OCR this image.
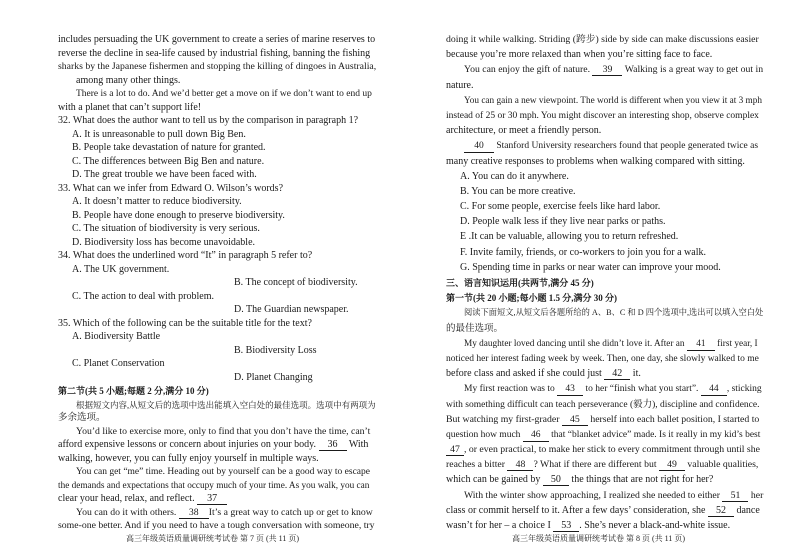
includes persuading the UK government to create a series of marine reserves to
reverse the decline in sea-life caused by industrial fishing, banning the fishing
sharks by the Japanese fishermen and stopping the killing of dingoes in Australia,
among many other things.
There is a lot to do. And we’d better get a move on if we don’t want to end up
with a planet that can’t support life!
32. What does the author want to tell us by the comparison in paragraph 1?
A. It is unreasonable to pull down Big Ben.
B. People take devastation of nature for granted.
C. The differences between Big Ben and nature.
D. The great trouble we have been faced with.
33. What can we infer from Edward O. Wilson’s words?
A. It doesn’t matter to reduce biodiversity.
B. People have done enough to preserve biodiversity.
C. The situation of biodiversity is very serious.
D. Biodiversity loss has become unavoidable.
34. What does the underlined word “It” in paragraph 5 refer to?
A. The UK government.
B. The concept of biodiversity.
C. The action to deal with problem.
D. The Guardian newspaper.
35. Which of the following can be the suitable title for the text?
A. Biodiversity Battle
B. Biodiversity Loss
C. Planet Conservation
D. Planet Changing
第二节(共 5 小题;每题 2 分,满分 10 分)
根据短文内容,从短文后的选项中选出能填入空白处的最佳选项。选项中有两项为
多余选项。
You’d like to exercise more, only to find that you don’t have the time, can’t
afford expensive lessons or concern about injuries on your body. 36 With
walking, however, you can fully enjoy yourself in multiple ways.
高三年级英语质量调研统考试卷 第 7 页 (共 11 页)
You can get “me” time. Heading out by yourself can be a good way to escape
the demands and expectations that occupy much of your time. As you walk, you can
clear your head, relax, and reflect. 37
You can do it with others. 38 It’s a great way to catch up or get to know
some-one better. And if you need to have a tough conversation with someone, try
doing it while walking. Striding (跨步) side by side can make discussions easier
because you’re more relaxed than when you’re sitting face to face.
You can enjoy the gift of nature. 39 Walking is a great way to get out in
nature.
You can gain a new viewpoint. The world is different when you view it at 3 mph
instead of 25 or 30 mph. You might discover an interesting shop, observe complex
architecture, or meet a friendly person.
40 Stanford University researchers found that people generated twice as
many creative responses to problems when walking compared with sitting.
A. You can do it anywhere.
B. You can be more creative.
C. For some people, exercise feels like hard labor.
D. People walk less if they live near parks or paths.
E .It can be valuable, allowing you to return refreshed.
F. Invite family, friends, or co-workers to join you for a walk.
G. Spending time in parks or near water can improve your mood.
三、语言知识运用(共两节,满分 45 分)
第一节(共 20 小题;每小题 1.5 分,满分 30 分)
阅读下面短文,从短文后各题所给的 A、B、C 和 D 四个选项中,选出可以填入空白处
的最佳选项。
My daughter loved dancing until she didn’t love it. After an 41 first year, I
noticed her interest fading week by week. Then, one day, she slowly walked to me
before class and asked if she could just 42 it.
My first reaction was to 43 to her “finish what you start”. 44 , sticking
with something difficult can teach perseverance (毅力), discipline and confidence.
But watching my first-grader 45 herself into each ballet position, I started to
question how much 46 that “blanket advice” made. Is it really in my kid’s best
47 , or even practical, to make her stick to every commitment through until she
高三年级英语质量调研统考试卷 第 8 页 (共 11 页)
reaches a bitter 48 ? What if there are different but 49 valuable qualities,
which can be gained by 50 the things that are not right for her?
With the winter show approaching, I realized she needed to either 51 her
class or commit herself to it. After a few days’ consideration, she 52 dance
wasn’t for her – a choice I 53 . She’s never a black-and-white issue.
